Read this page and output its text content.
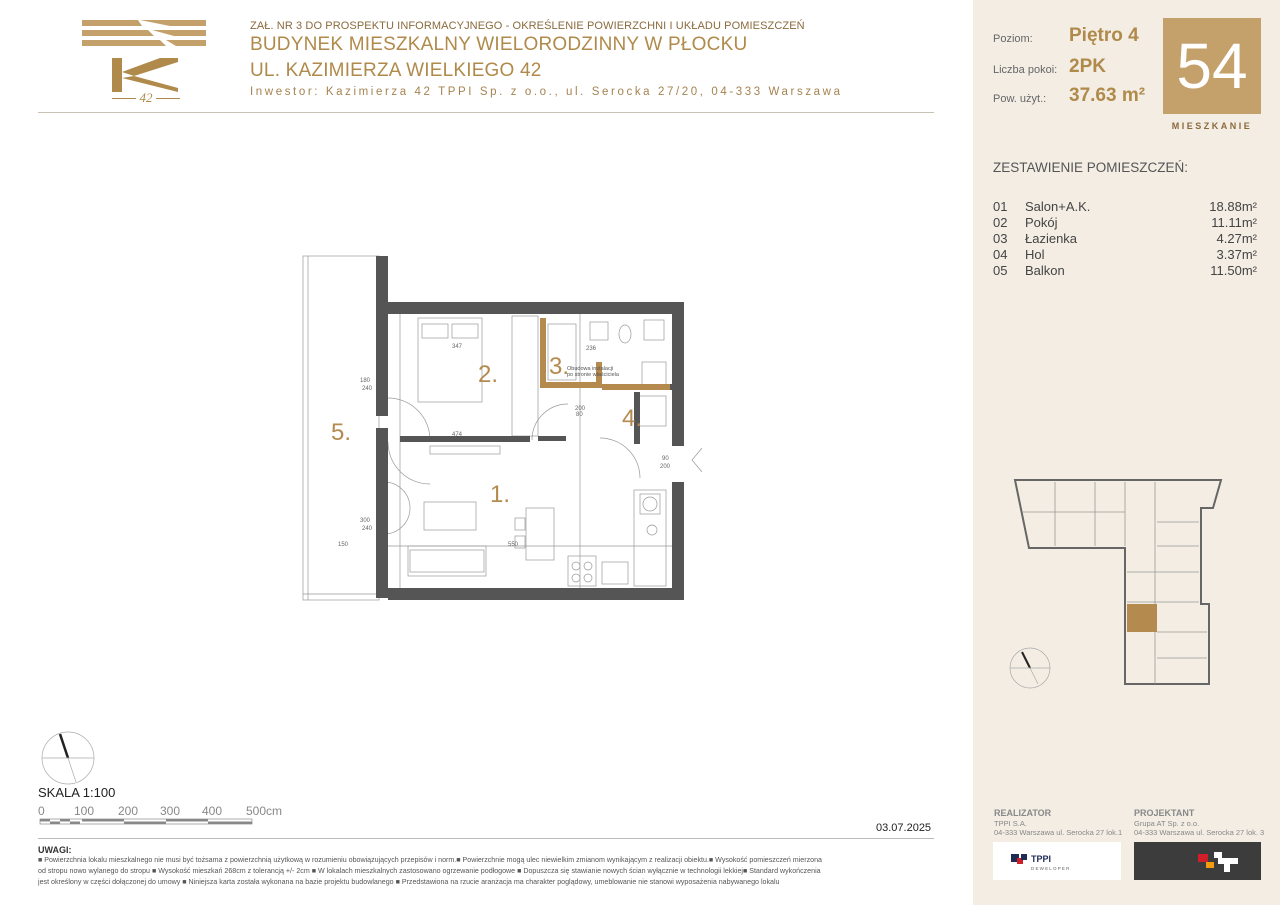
42
ZAŁ. NR 3 DO PROSPEKTU INFORMACYJNEGO - OKREŚLENIE POWIERZCHNI I UKŁADU POMIESZCZEŃ
BUDYNEK MIESZKALNY WIELORODZINNY W PŁOCKU
UL. KAZIMIERZA WIELKIEGO 42
Inwestor: Kazimierza 42 TPPI Sp. z o.o., ul. Serocka 27/20, 04-333 Warszawa
Poziom: Piętro 4
Liczba pokoi: 2PK
Pow. użyt.: 37.63 m² 54
MIESZKANIE
ZESTAWIENIE POMIESZCZEŃ:
01 Salon+A.K.	18.88m²
02 Pokój	11.11m²
03 Łazienka	4.27m²
04 Hol	3.37m²
05 Balkon	11.50m²
180
240
300
240
150
474
347
200
80
236
90
200
550
2. 3.
4.
1.
5.
Obudowa instalacji
po stronie właściciela
SKALA 1:100
0 100 200 300 400 500cm
03.07.2025
UWAGI:

■ Powierzchnia lokalu mieszkalnego nie musi być tożsama z powierzchnią użytkową w rozumieniu obowiązujących przepisów i norm.■ Powierzchnie mogą ulec niewielkim zmianom wynikającym z realizacji obiektu.■ Wysokość pomieszczeń mierzona

od stropu nowo wylanego do stropu ■ Wysokość mieszkań 268cm z tolerancją +/- 2cm ■ W lokalach mieszkalnych zastosowano ogrzewanie podłogowe ■ Dopuszcza się stawianie nowych ścian wyłącznie w technologii lekkiej■ Standard wykończenia

jest określony w części dołączonej do umowy ■ Niniejsza karta została wykonana na bazie projektu budowlanego ■ Przedstawiona na rzucie aranżacja ma charakter poglądowy, umeblowanie nie stanowi wyposażenia nabywanego lokalu

REALIZATOR
TPPI S.A.
04-333 Warszawa ul. Serocka 27 lok.1
PROJEKTANT
Grupa AT Sp. z o.o.
04-333 Warszawa ul. Serocka 27 lok. 3
TPPI
DEWELOPER
